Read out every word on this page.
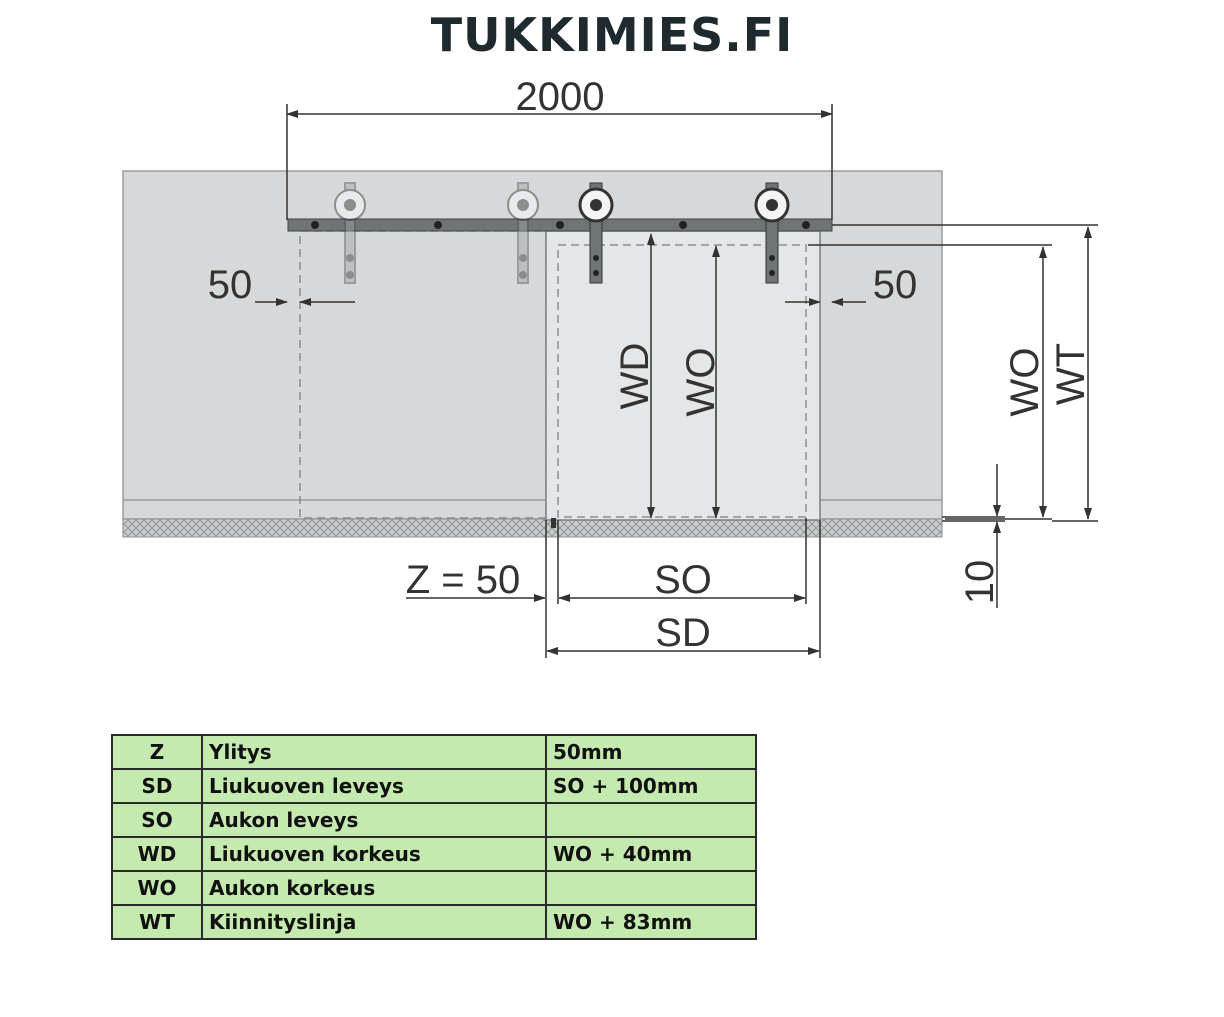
TUKKIMIES.FI
2000
50	50
WD WO	WO WT
10
Z = 50	SO
SD
Z	Ylitys	50mm
SD	Liukuoven leveys	SO + 100mm
SO	Aukon leveys	
WD	Liukuoven korkeus	WO + 40mm
WO	Aukon korkeus	
WT	Kiinnityslinja	WO + 83mm
